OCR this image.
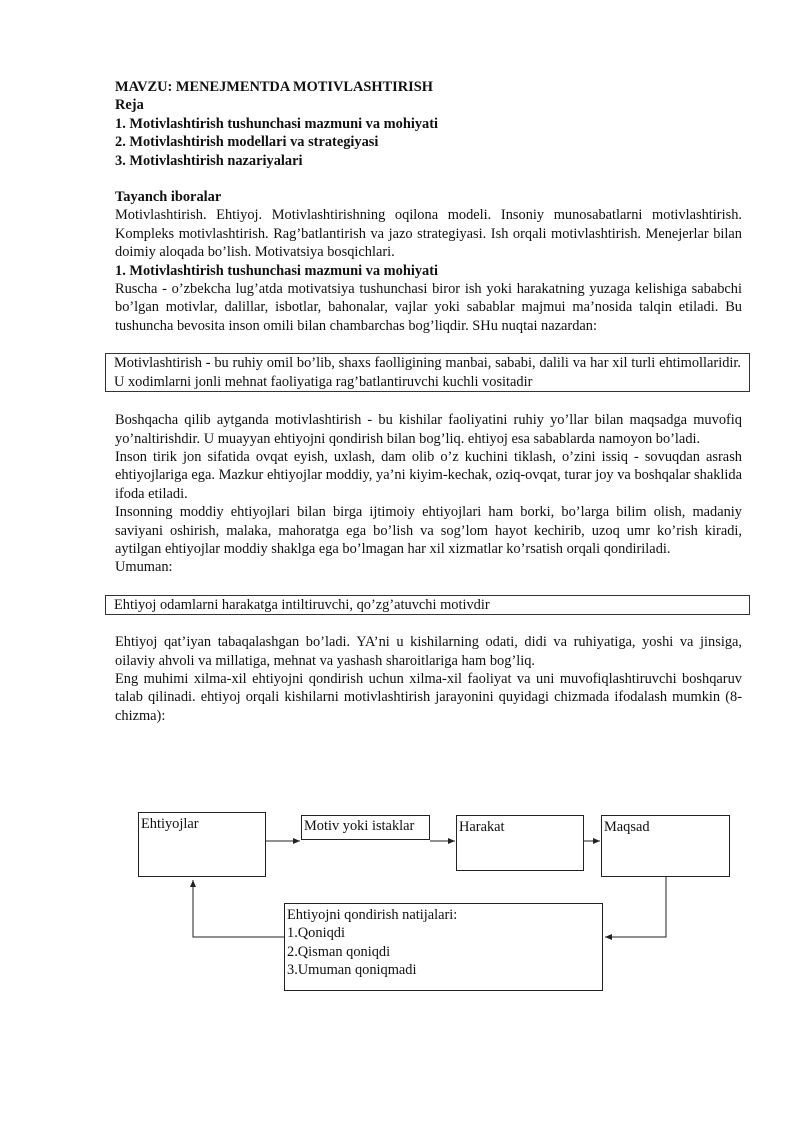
MAVZU: MENEJMENTDA MOTIVLASHTIRISH
Reja
1. Motivlashtirish tushunchasi mazmuni va mohiyati
2. Motivlashtirish modellari va strategiyasi
3. Motivlashtirish nazariyalari
Tayanch iboralar

Motivlashtirish. Ehtiyoj. Motivlashtirishning oqilona modeli. Insoniy munosabatlarni motivlashtirish. Kompleks motivlashtirish. Rag’batlantirish va jazo strategiyasi. Ish orqali motivlashtirish. Menejerlar bilan doimiy aloqada bo’lish. Motivatsiya bosqichlari.

1. Motivlashtirish tushunchasi mazmuni va mohiyati

Ruscha - o’zbekcha lug’atda motivatsiya tushunchasi biror ish yoki harakatning yuzaga kelishiga sababchi bo’lgan motivlar, dalillar, isbotlar, bahonalar, vajlar yoki sabablar majmui ma’nosida talqin etiladi. Bu tushuncha bevosita inson omili bilan chambarchas bog’liqdir. SHu nuqtai nazardan:

Motivlashtirish - bu ruhiy omil bo’lib, shaxs faolligining manbai, sababi, dalili va har xil turli ehtimollaridir. U xodimlarni jonli mehnat faoliyatiga rag’batlantiruvchi kuchli vositadir

Boshqacha qilib aytganda motivlashtirish - bu kishilar faoliyatini ruhiy yo’llar bilan maqsadga muvofiq yo’naltirishdir. U muayyan ehtiyojni qondirish bilan bog’liq. ehtiyoj esa sabablarda namoyon bo’ladi.

Inson tirik jon sifatida ovqat eyish, uxlash, dam olib o’z kuchini tiklash, o’zini issiq - sovuqdan asrash ehtiyojlariga ega. Mazkur ehtiyojlar moddiy, ya’ni kiyim-kechak, oziq-ovqat, turar joy va boshqalar shaklida ifoda etiladi.

Insonning moddiy ehtiyojlari bilan birga ijtimoiy ehtiyojlari ham borki, bo’larga bilim olish, madaniy saviyani oshirish, malaka, mahoratga ega bo’lish va sog’lom hayot kechirib, uzoq umr ko’rish kiradi, aytilgan ehtiyojlar moddiy shaklga ega bo’lmagan har xil xizmatlar ko’rsatish orqali qondiriladi.

Umuman:

Ehtiyoj odamlarni harakatga intiltiruvchi, qo’zg’atuvchi motivdir

Ehtiyoj qat’iyan tabaqalashgan bo’ladi. YA’ni u kishilarning odati, didi va ruhiyatiga, yoshi va jinsiga, oilaviy ahvoli va millatiga, mehnat va yashash sharoitlariga ham bog’liq.

Eng muhimi xilma-xil ehtiyojni qondirish uchun xilma-xil faoliyat va uni muvofiqlashtiruvchi boshqaruv talab qilinadi. ehtiyoj orqali kishilarni motivlashtirish jarayonini quyidagi chizmada ifodalash mumkin (8-chizma):

Ehtiyojlar	Motiv yoki istaklar	Harakat	Maqsad
Ehtiyojni qondirish natijalari:
1.Qoniqdi
2.Qisman qoniqdi
3.Umuman qoniqmadi
